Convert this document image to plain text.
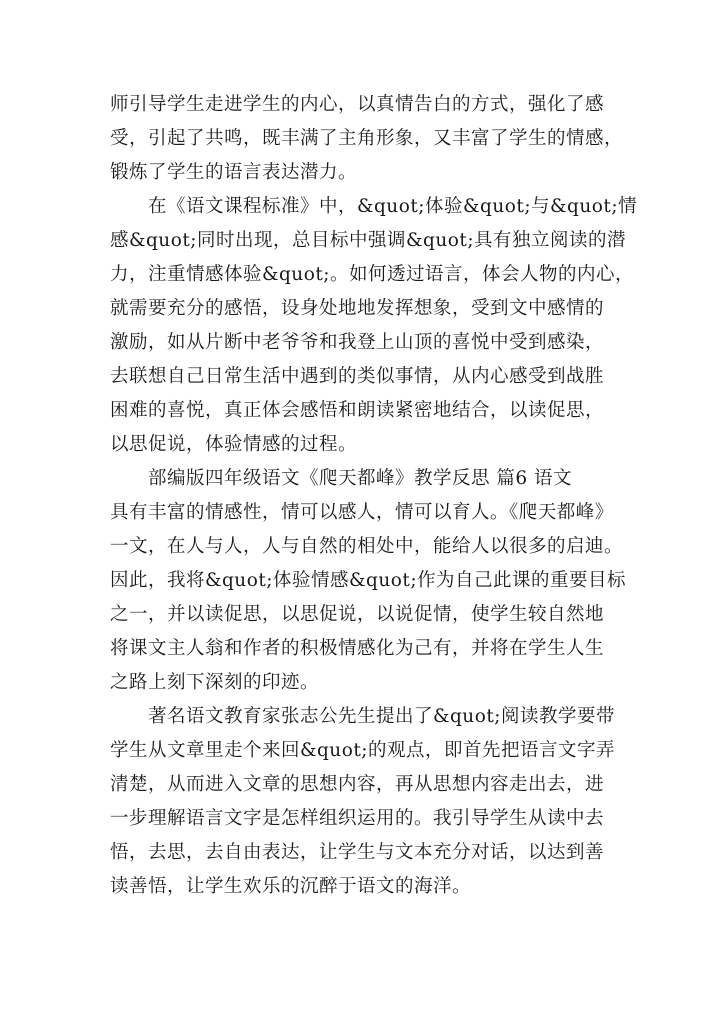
师引导学生走进学生的内心，以真情告白的方式，强化了感
受，引起了共鸣，既丰满了主角形象，又丰富了学生的情感，
锻炼了学生的语言表达潜力。
在《语文课程标准》中，&quot;体验&quot;与&quot;情
感&quot;同时出现，总目标中强调&quot;具有独立阅读的潜
力，注重情感体验&quot;。如何透过语言，体会人物的内心，
就需要充分的感悟，设身处地地发挥想象，受到文中感情的
激励，如从片断中老爷爷和我登上山顶的喜悦中受到感染，
去联想自己日常生活中遇到的类似事情，从内心感受到战胜
困难的喜悦，真正体会感悟和朗读紧密地结合，以读促思，
以思促说，体验情感的过程。
部编版四年级语文《爬天都峰》教学反思 篇6 语文
具有丰富的情感性，情可以感人，情可以育人。《爬天都峰》
一文，在人与人，人与自然的相处中，能给人以很多的启迪。
因此，我将&quot;体验情感&quot;作为自己此课的重要目标
之一，并以读促思，以思促说，以说促情，使学生较自然地
将课文主人翁和作者的积极情感化为己有，并将在学生人生
之路上刻下深刻的印迹。
著名语文教育家张志公先生提出了&quot;阅读教学要带
学生从文章里走个来回&quot;的观点，即首先把语言文字弄
清楚，从而进入文章的思想内容，再从思想内容走出去，进
一步理解语言文字是怎样组织运用的。我引导学生从读中去
悟，去思，去自由表达，让学生与文本充分对话，以达到善
读善悟，让学生欢乐的沉醉于语文的海洋。
